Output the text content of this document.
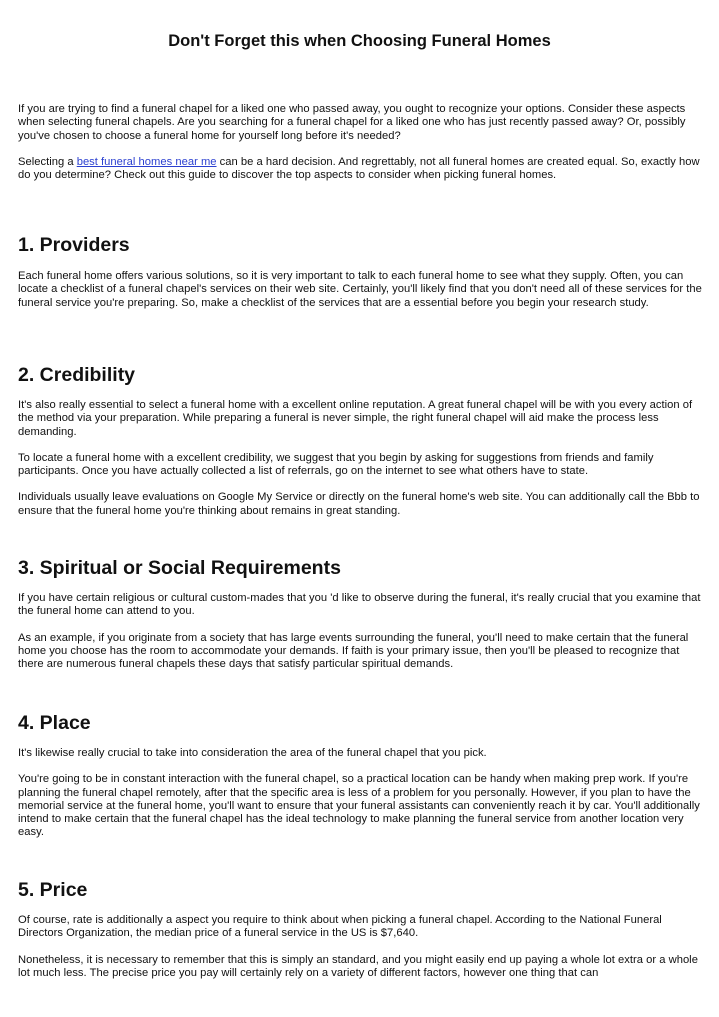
Don't Forget this when Choosing Funeral Homes

If you are trying to find a funeral chapel for a liked one who passed away, you ought to recognize your options. Consider these aspects when selecting funeral chapels. Are you searching for a funeral chapel for a liked one who has just recently passed away? Or, possibly you've chosen to choose a funeral home for yourself long before it's needed?

Selecting a best funeral homes near me can be a hard decision. And regrettably, not all funeral homes are created equal. So, exactly how do you determine? Check out this guide to discover the top aspects to consider when picking funeral homes.

1. Providers

Each funeral home offers various solutions, so it is very important to talk to each funeral home to see what they supply. Often, you can locate a checklist of a funeral chapel's services on their web site. Certainly, you'll likely find that you don't need all of these services for the funeral service you're preparing. So, make a checklist of the services that are a essential before you begin your research study.

2. Credibility

It's also really essential to select a funeral home with a excellent online reputation. A great funeral chapel will be with you every action of the method via your preparation. While preparing a funeral is never simple, the right funeral chapel will aid make the process less demanding.

To locate a funeral home with a excellent credibility, we suggest that you begin by asking for suggestions from friends and family participants. Once you have actually collected a list of referrals, go on the internet to see what others have to state.

Individuals usually leave evaluations on Google My Service or directly on the funeral home's web site. You can additionally call the Bbb to ensure that the funeral home you're thinking about remains in great standing.

3. Spiritual or Social Requirements

If you have certain religious or cultural custom-mades that you 'd like to observe during the funeral, it's really crucial that you examine that the funeral home can attend to you.

As an example, if you originate from a society that has large events surrounding the funeral, you'll need to make certain that the funeral home you choose has the room to accommodate your demands. If faith is your primary issue, then you'll be pleased to recognize that there are numerous funeral chapels these days that satisfy particular spiritual demands.

4. Place

It's likewise really crucial to take into consideration the area of the funeral chapel that you pick.

You're going to be in constant interaction with the funeral chapel, so a practical location can be handy when making prep work. If you're planning the funeral chapel remotely, after that the specific area is less of a problem for you personally. However, if you plan to have the memorial service at the funeral home, you'll want to ensure that your funeral assistants can conveniently reach it by car. You'll additionally intend to make certain that the funeral chapel has the ideal technology to make planning the funeral service from another location very easy.

5. Price

Of course, rate is additionally a aspect you require to think about when picking a funeral chapel. According to the National Funeral Directors Organization, the median price of a funeral service in the US is $7,640.

Nonetheless, it is necessary to remember that this is simply an standard, and you might easily end up paying a whole lot extra or a whole lot much less. The precise price you pay will certainly rely on a variety of different factors, however one thing that can
